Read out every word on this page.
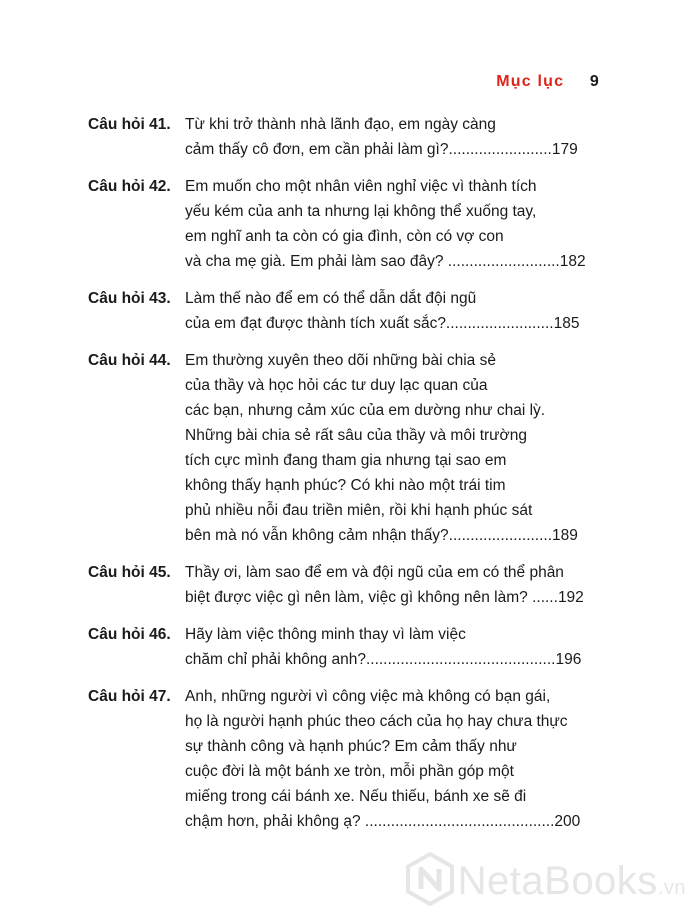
Mục lục 9
Câu hỏi 41. Từ khi trở thành nhà lãnh đạo, em ngày càng
cảm thấy cô đơn, em cần phải làm gì?........................179
Câu hỏi 42. Em muốn cho một nhân viên nghỉ việc vì thành tích
yếu kém của anh ta nhưng lại không thể xuống tay,
em nghĩ anh ta còn có gia đình, còn có vợ con
và cha mẹ già. Em phải làm sao đây? ..........................182
Câu hỏi 43. Làm thế nào để em có thể dẫn dắt đội ngũ
của em đạt được thành tích xuất sắc?.........................185
Câu hỏi 44. Em thường xuyên theo dõi những bài chia sẻ
của thầy và học hỏi các tư duy lạc quan của
các bạn, nhưng cảm xúc của em dường như chai lỳ.
Những bài chia sẻ rất sâu của thầy và môi trường
tích cực mình đang tham gia nhưng tại sao em
không thấy hạnh phúc? Có khi nào một trái tim
phủ nhiều nỗi đau triền miên, rồi khi hạnh phúc sát
bên mà nó vẫn không cảm nhận thấy?........................189
Câu hỏi 45. Thầy ơi, làm sao để em và đội ngũ của em có thể phân
biệt được việc gì nên làm, việc gì không nên làm? ......192
Câu hỏi 46. Hãy làm việc thông minh thay vì làm việc
chăm chỉ phải không anh?............................................196
Câu hỏi 47. Anh, những người vì công việc mà không có bạn gái,
họ là người hạnh phúc theo cách của họ hay chưa thực
sự thành công và hạnh phúc? Em cảm thấy như
cuộc đời là một bánh xe tròn, mỗi phần góp một
miếng trong cái bánh xe. Nếu thiếu, bánh xe sẽ đi
chậm hơn, phải không ạ? ............................................200
NetaBooks.vn
